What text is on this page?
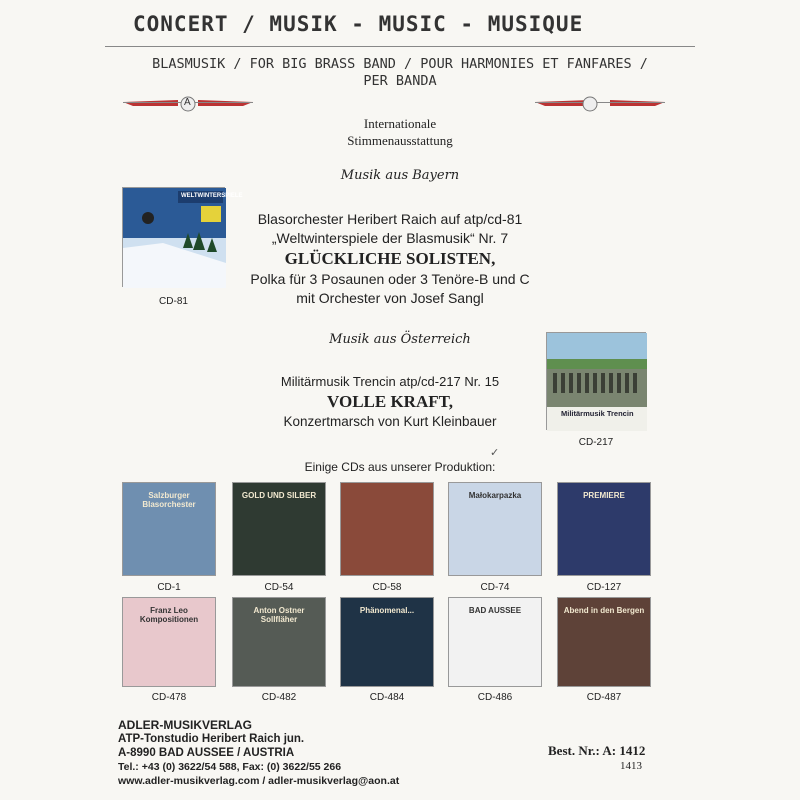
CONCERT / MUSIK - MUSIC - MUSIQUE
BLASMUSIK / FOR BIG BRASS BAND / POUR HARMONIES ET FANFARES /
PER BANDA
A
Internationale
Stimmenausstattung
Musik aus Bayern
WELTWINTERSPIELE
CD-81
Blasorchester Heribert Raich auf atp/cd-81
„Weltwinterspiele der Blasmusik“ Nr. 7
GLÜCKLICHE SOLISTEN,
Polka für 3 Posaunen oder 3 Tenöre-B und C
mit Orchester von Josef Sangl
Musik aus Österreich
Militärmusik Trencin atp/cd-217 Nr. 15
VOLLE KRAFT,
Konzertmarsch von Kurt Kleinbauer
Militärmusik Trencin
CD-217
✓
Einige CDs aus unserer Produktion:
Salzburger Blasorchester
CD-1
GOLD UND SILBER
CD-54	CD-58
Małokarpazka
CD-74
PREMIERE
CD-127
Franz Leo Kompositionen
CD-478
Anton Ostner Sollfläher
CD-482
Phänomenal...
CD-484
BAD AUSSEE
CD-486
Abend in den Bergen
CD-487
ADLER-MUSIKVERLAG
ATP-Tonstudio Heribert Raich jun.
A-8990 BAD AUSSEE / AUSTRIA
Tel.: +43 (0) 3622/54 588, Fax: (0) 3622/55 266
www.adler-musikverlag.com / adler-musikverlag@aon.at
Best. Nr.: A: 1412
1413
